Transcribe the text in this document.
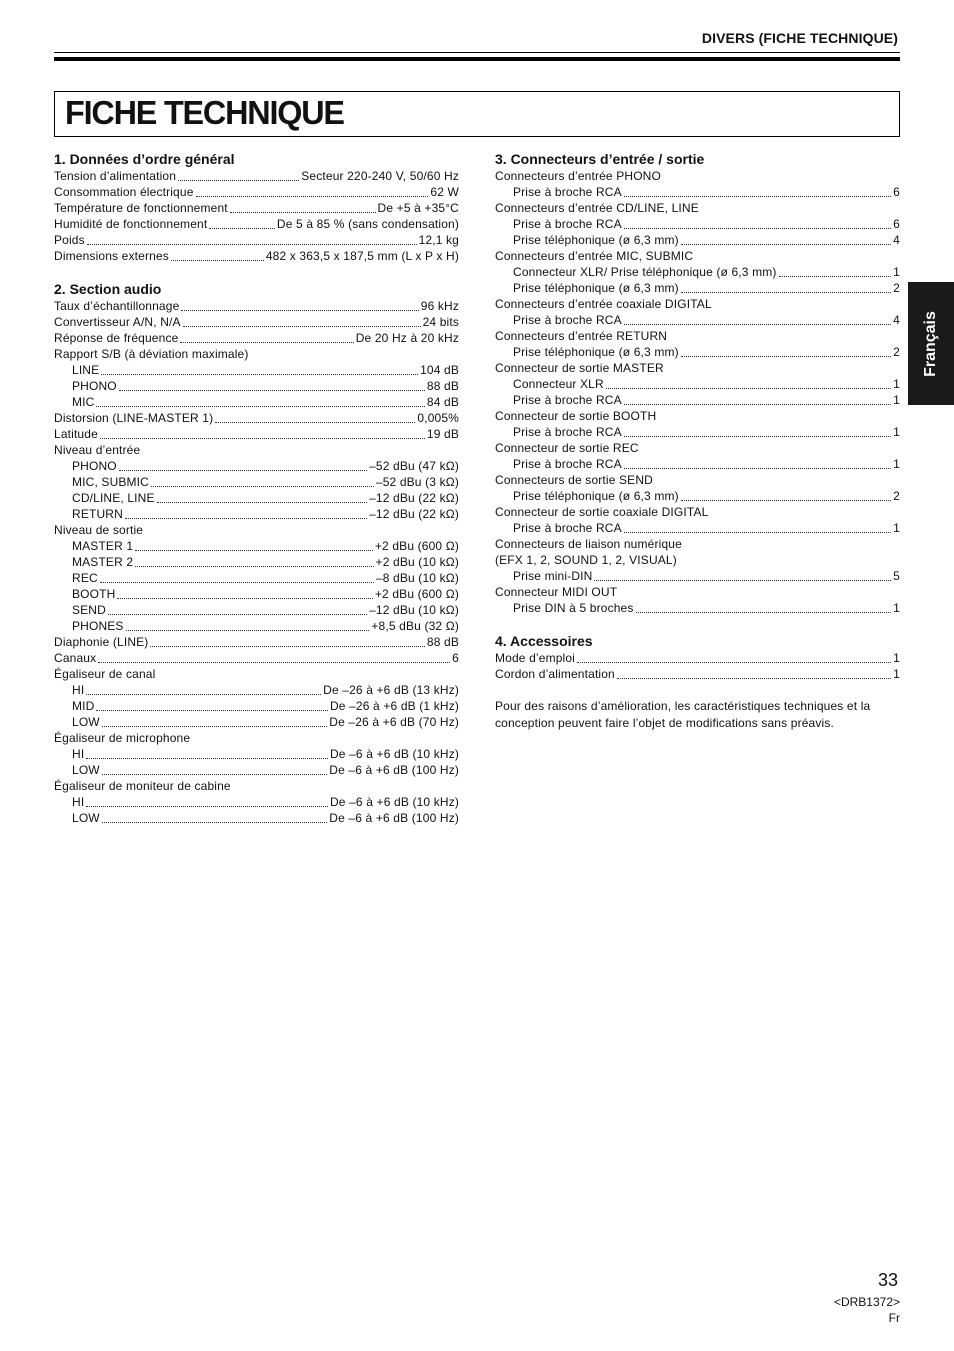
DIVERS (FICHE TECHNIQUE)
FICHE TECHNIQUE
1. Données d’ordre général
Tension d’alimentation	Secteur 220-240 V, 50/60 Hz
Consommation électrique	62 W
Température de fonctionnement	De +5 à +35°C
Humidité de fonctionnement	De 5 à 85 % (sans condensation)
Poids	12,1 kg
Dimensions externes	482 x 363,5 x 187,5 mm (L x P x H)
2. Section audio
Taux d’échantillonnage	96 kHz
Convertisseur A/N, N/A	24 bits
Réponse de fréquence	De 20 Hz à 20 kHz
Rapport S/B (à déviation maximale)
LINE	104 dB
PHONO	88 dB
MIC	84 dB
Distorsion (LINE-MASTER 1)	0,005%
Latitude	19 dB
Niveau d’entrée
PHONO	–52 dBu (47 kΩ)
MIC, SUBMIC	–52 dBu (3 kΩ)
CD/LINE, LINE	–12 dBu (22 kΩ)
RETURN	–12 dBu (22 kΩ)
Niveau de sortie
MASTER 1	+2 dBu (600 Ω)
MASTER 2	+2 dBu (10 kΩ)
REC	–8 dBu (10 kΩ)
BOOTH	+2 dBu (600 Ω)
SEND	–12 dBu (10 kΩ)
PHONES	+8,5 dBu (32 Ω)
Diaphonie (LINE)	88 dB
Canaux	6
Égaliseur de canal
HI	De –26 à +6 dB (13 kHz)
MID	De –26 à +6 dB (1 kHz)
LOW	De –26 à +6 dB (70 Hz)
Égaliseur de microphone
HI	De –6 à +6 dB (10 kHz)
LOW	De –6 à +6 dB (100 Hz)
Égaliseur de moniteur de cabine
HI	De –6 à +6 dB (10 kHz)
LOW	De –6 à +6 dB (100 Hz)
3. Connecteurs d’entrée / sortie
Connecteurs d’entrée PHONO
Prise à broche RCA	6
Connecteurs d’entrée CD/LINE, LINE
Prise à broche RCA	6
Prise téléphonique (ø 6,3 mm)	4
Connecteurs d’entrée MIC, SUBMIC
Connecteur XLR/ Prise téléphonique (ø 6,3 mm)	1
Prise téléphonique (ø 6,3 mm)	2
Connecteurs d’entrée coaxiale DIGITAL
Prise à broche RCA	4
Connecteurs d’entrée RETURN
Prise téléphonique (ø 6,3 mm)	2
Connecteur de sortie MASTER
Connecteur XLR	1
Prise à broche RCA	1
Connecteur de sortie BOOTH
Prise à broche RCA	1
Connecteur de sortie REC
Prise à broche RCA	1
Connecteurs de sortie SEND
Prise téléphonique (ø 6,3 mm)	2
Connecteur de sortie coaxiale DIGITAL
Prise à broche RCA	1
Connecteurs de liaison numérique
(EFX 1, 2, SOUND 1, 2, VISUAL)
Prise mini-DIN	5
Connecteur MIDI OUT
Prise DIN à 5 broches	1
4. Accessoires
Mode d’emploi	1
Cordon d’alimentation	1
Pour des raisons d’amélioration, les caractéristiques techniques et la conception peuvent faire l’objet de modifications sans préavis.
Français
33
<DRB1372>
Fr
